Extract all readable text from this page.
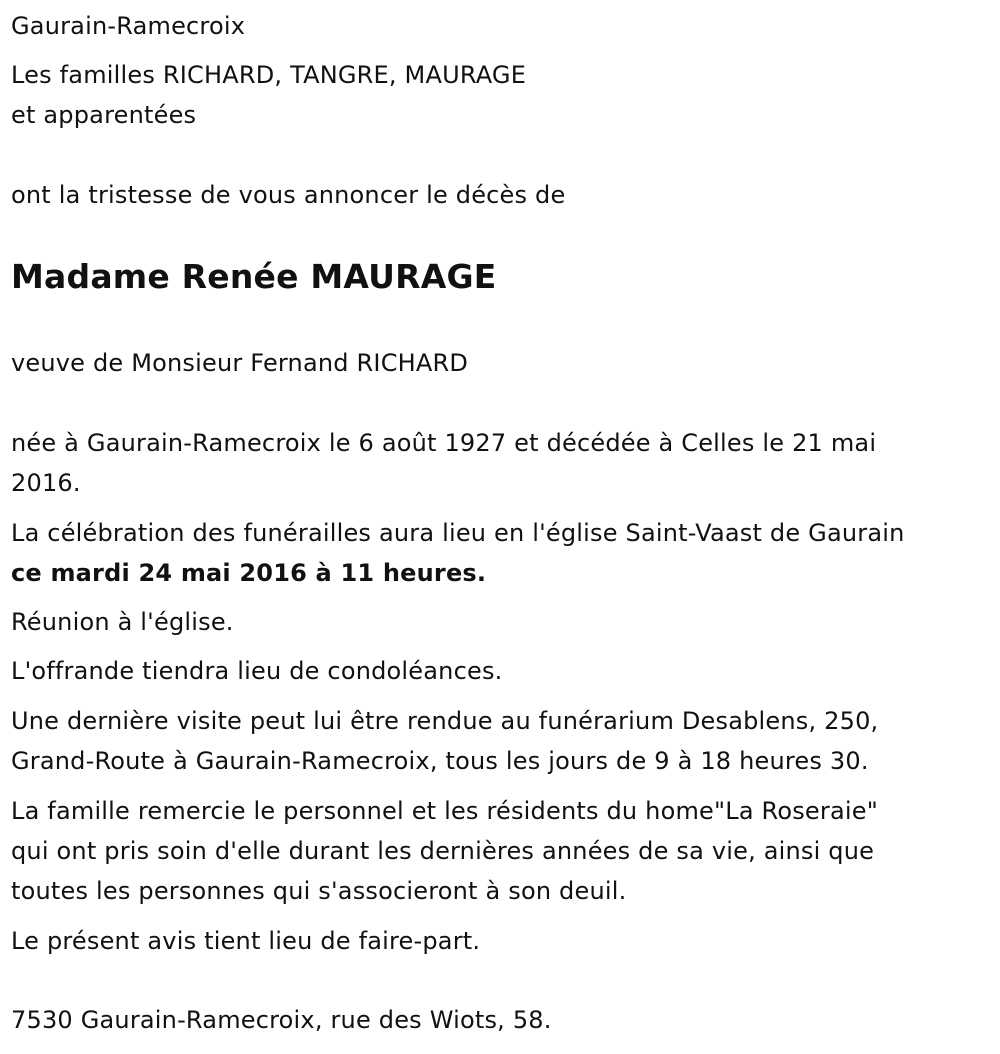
Gaurain-Ramecroix
Les familles RICHARD, TANGRE, MAURAGE
et apparentées
ont la tristesse de vous annoncer le décès de
Madame Renée MAURAGE
veuve de Monsieur Fernand RICHARD
née à Gaurain-Ramecroix le 6 août 1927 et décédée à Celles le 21 mai
2016.
La célébration des funérailles aura lieu en l'église Saint-Vaast de Gaurain
ce mardi 24 mai 2016 à 11 heures.
Réunion à l'église.
L'offrande tiendra lieu de condoléances.
Une dernière visite peut lui être rendue au funérarium Desablens, 250,
Grand-Route à Gaurain-Ramecroix, tous les jours de 9 à 18 heures 30.
La famille remercie le personnel et les résidents du home"La Roseraie"
qui ont pris soin d'elle durant les dernières années de sa vie, ainsi que
toutes les personnes qui s'associeront à son deuil.
Le présent avis tient lieu de faire-part.
7530 Gaurain-Ramecroix, rue des Wiots, 58.
